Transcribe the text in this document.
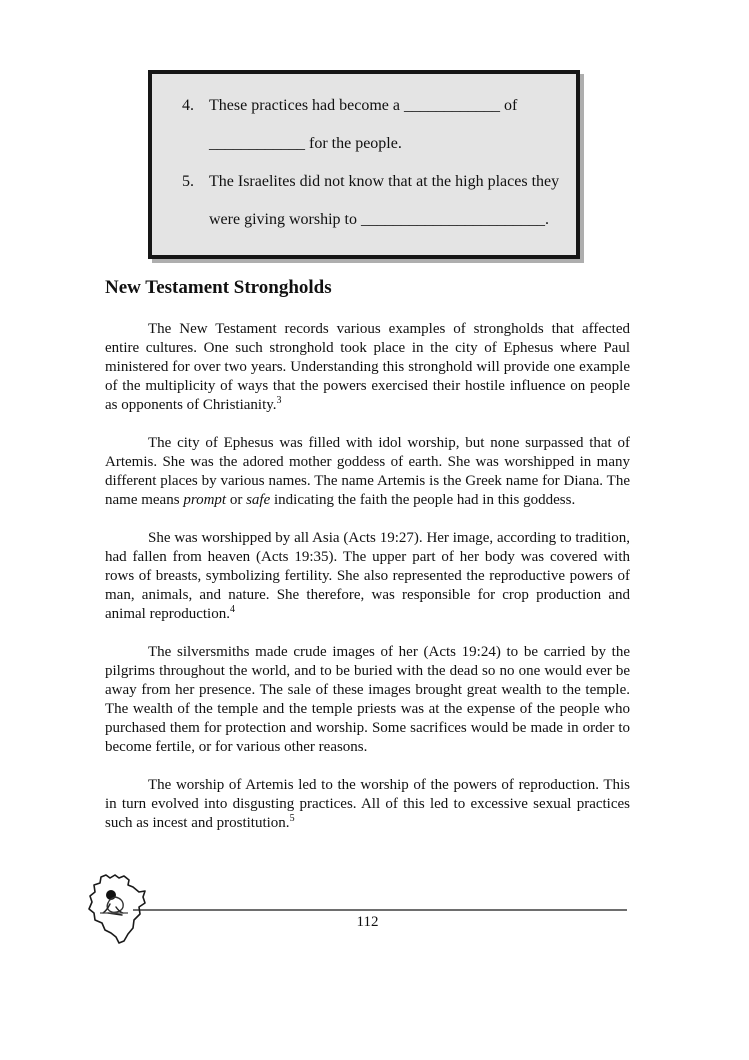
4. These practices had become a ____________ of
____________ for the people.
5. The Israelites did not know that at the high places they
were giving worship to _______________________.
New Testament Strongholds

The New Testament records various examples of strongholds that affected entire cultures. One such stronghold took place in the city of Ephesus where Paul ministered for over two years. Understanding this stronghold will provide one example of the multiplicity of ways that the powers exercised their hostile influence on people as opponents of Christianity.$^3$

The city of Ephesus was filled with idol worship, but none surpassed that of Artemis. She was the adored mother goddess of earth. She was worshipped in many different places by various names. The name Artemis is the Greek name for Diana. The name means prompt or safe indicating the faith the people had in this goddess.

She was worshipped by all Asia (Acts 19:27). Her image, according to tradition, had fallen from heaven (Acts 19:35). The upper part of her body was covered with rows of breasts, symbolizing fertility. She also represented the reproductive powers of man, animals, and nature. She therefore, was responsible for crop production and animal reproduction.$^4$

The silversmiths made crude images of her (Acts 19:24) to be carried by the pilgrims throughout the world, and to be buried with the dead so no one would ever be away from her presence. The sale of these images brought great wealth to the temple. The wealth of the temple and the temple priests was at the expense of the people who purchased them for protection and worship. Some sacrifices would be made in order to become fertile, or for various other reasons.

The worship of Artemis led to the worship of the powers of reproduction. This in turn evolved into disgusting practices. All of this led to excessive sexual practices such as incest and prostitution.$^5$

112
